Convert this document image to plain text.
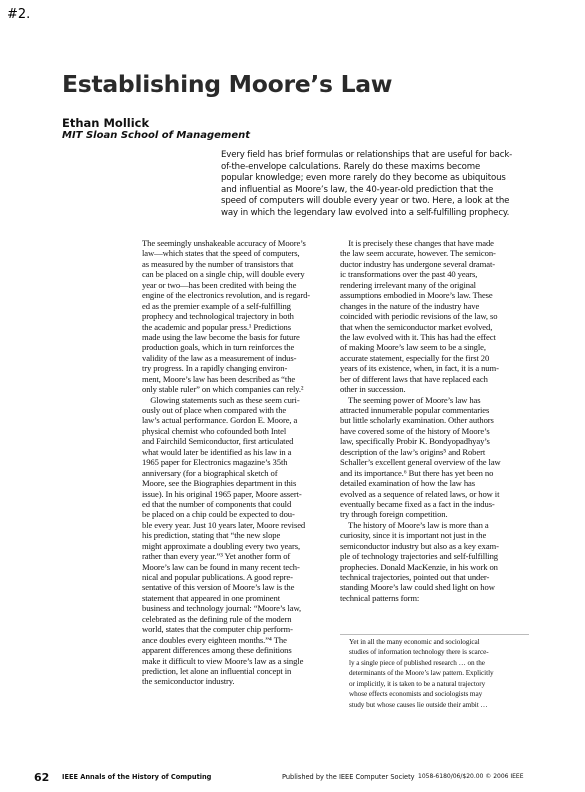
#2.
Establishing Moore’s Law
Ethan Mollick
MIT Sloan School of Management
Every field has brief formulas or relationships that are useful for back-
of-the-envelope calculations. Rarely do these maxims become
popular knowledge; even more rarely do they become as ubiquitous
and influential as Moore’s law, the 40-year-old prediction that the
speed of computers will double every year or two. Here, a look at the
way in which the legendary law evolved into a self-fulfilling prophecy.
The seemingly unshakeable accuracy of Moore’s
law—which states that the speed of computers,
as measured by the number of transistors that
can be placed on a single chip, will double every
year or two—has been credited with being the
engine of the electronics revolution, and is regard-
ed as the premier example of a self-fulfilling
prophecy and technological trajectory in both
the academic and popular press.¹ Predictions
made using the law become the basis for future
production goals, which in turn reinforces the
validity of the law as a measurement of indus-
try progress. In a rapidly changing environ-
ment, Moore’s law has been described as “the
only stable ruler” on which companies can rely.²
Glowing statements such as these seem curi-
ously out of place when compared with the
law’s actual performance. Gordon E. Moore, a
physical chemist who cofounded both Intel
and Fairchild Semiconductor, first articulated
what would later be identified as his law in a
1965 paper for Electronics magazine’s 35th
anniversary (for a biographical sketch of
Moore, see the Biographies department in this
issue). In his original 1965 paper, Moore assert-
ed that the number of components that could
be placed on a chip could be expected to dou-
ble every year. Just 10 years later, Moore revised
his prediction, stating that “the new slope
might approximate a doubling every two years,
rather than every year.”³ Yet another form of
Moore’s law can be found in many recent tech-
nical and popular publications. A good repre-
sentative of this version of Moore’s law is the
statement that appeared in one prominent
business and technology journal: “Moore’s law,
celebrated as the defining rule of the modern
world, states that the computer chip perform-
ance doubles every eighteen months.”⁴ The
apparent differences among these definitions
make it difficult to view Moore’s law as a single
prediction, let alone an influential concept in
the semiconductor industry.
It is precisely these changes that have made
the law seem accurate, however. The semicon-
ductor industry has undergone several dramat-
ic transformations over the past 40 years,
rendering irrelevant many of the original
assumptions embodied in Moore’s law. These
changes in the nature of the industry have
coincided with periodic revisions of the law, so
that when the semiconductor market evolved,
the law evolved with it. This has had the effect
of making Moore’s law seem to be a single,
accurate statement, especially for the first 20
years of its existence, when, in fact, it is a num-
ber of different laws that have replaced each
other in succession.
The seeming power of Moore’s law has
attracted innumerable popular commentaries
but little scholarly examination. Other authors
have covered some of the history of Moore’s
law, specifically Probir K. Bondyopadhyay’s
description of the law’s origins⁵ and Robert
Schaller’s excellent general overview of the law
and its importance.⁶ But there has yet been no
detailed examination of how the law has
evolved as a sequence of related laws, or how it
eventually became fixed as a fact in the indus-
try through foreign competition.
The history of Moore’s law is more than a
curiosity, since it is important not just in the
semiconductor industry but also as a key exam-
ple of technology trajectories and self-fulfilling
prophecies. Donald MacKenzie, in his work on
technical trajectories, pointed out that under-
standing Moore’s law could shed light on how
technical patterns form:
Yet in all the many economic and sociological
studies of information technology there is scarce-
ly a single piece of published research … on the
determinants of the Moore’s law pattern. Explicitly
or implicitly, it is taken to be a natural trajectory
whose effects economists and sociologists may
study but whose causes lie outside their ambit …
62 IEEE Annals of the History of Computing	Published by the IEEE Computer Society 1058-6180/06/$20.00 © 2006 IEEE
